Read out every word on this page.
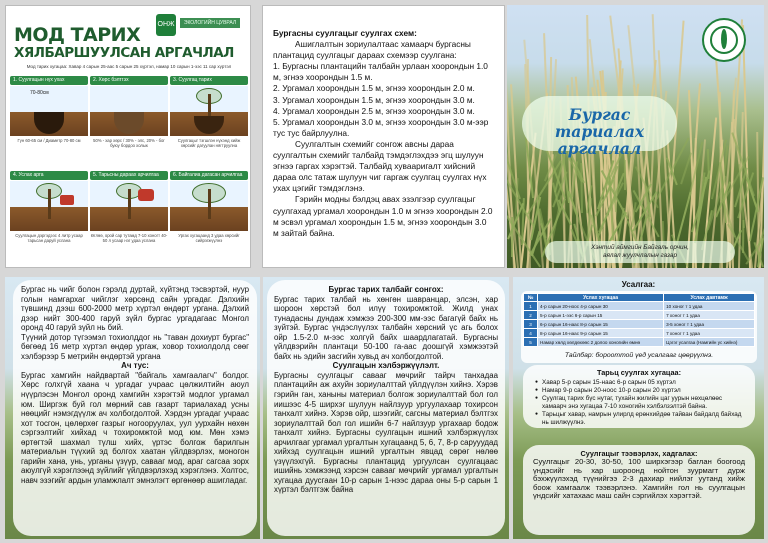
МОД ТАРИХ
ХЯЛБАРШУУЛСАН АРГАЧЛАЛ
ОНЖ	ЭКОЛОГИЙН ЦУВРАЛ
Мод тарих хугацаа: Хавар 4 сарын 25-аас 5 сарын 25 хүртэл, намар 10 сарын 1-ээс 11 сар хүртэл
1. Суулгацын нүх ухах
70-80см
Гүн 60-65 см / Диаметр 70-80 см
2. Хөрс бэлтгэх
50% - хар хөрс / 30% - элс, 20% - бог буюу бордоо хольж
3. Суулгац тарих
Суулгацыг тэгшлэн нүхэнд хийж хөрсийг дагуулан нягтруулна
4. Услах арга
Суулгацын дэргэдээс 4 литр усаар тарьсан даруй услана
5. Тарьсны дараах арчилгаа
Өглөө, орой сар тутамд 7-10 хоногт 40-50 л усаар нэг удаа услана
6. Байгалиа дагасан арчилгаа
Ургах хугацаанд 3 удаа хөрсийг сийрэгжүүлнэ

Бургасны суулгацыг суулгах схем:

Ашиглалтын зориулалтаас хамаарч бургасны плантацид суулгацыг дараах схемээр суулгана:

1. Бургасны плантацийн талбайн урлаан хоорондын 1.0 м, эгнээ хоорондын 1.5 м.

2. Ургамал хоорондын 1.5 м, эгнээ хоорондын 2.0 м.

3. Ургамал хоорондын 1.5 м, эгнээ хоорондын 3.0 м.

4. Ургамал хоорондын 2.5 м, эгнээ хоорондын 3.0 м.

5. Ургамал хоорондын 3.0 м, эгнээ хоорондын 3.0 м-ээр тус тус байрлуулна.

Суулгалтын схемийг сонгож авсны дараа суулгалтын схемийг талбайд тэмдэглэхдээ эгц шулуун эгнээ гаргах хэрэгтэй. Талбайд хувааригалт хийсний дараа олс татаж шулуун чиг гаргаж суулгац суулгах нүх ухах цэгийг тэмдэглэнэ.

Гэрийн модны бэлдэц авах эзэлгээр суулгацыг суулгахад ургамал хоорондын 1.0 м эгнээ хоорондын 2.0 м эсвэл ургамал хоорондын 1.5 м, эгнээ хоорондын 3.0 м зайтай байна.

Бургас тариалах
аргачлал
Хэнтий аймгийн Байгаль орчин,
аялал жуулчлалын газар

Бургас нь чийг болон гэрэлд дуртай, хүйтэнд тэсвэртэй, нуур голын намгархаг чийглэг хөрсөнд сайн ургадаг. Дэлхийн түвшинд дээш 600-2000 метр хүртэл өндөрт ургана. Дэлхий дээр нийт 300-400 гаруй зүйл бургас ургадагаас Монгол оронд 40 гаруй зүйл нь бий.

Түүний дотор түгээмэл тохиолддог нь "таван дохиурт бургас" бөгөөд 16 метр хүртэл өндөр ургаж, ховор тохиолдолд сөөг хэлбэрээр 5 метрийн өндөртэй ургана

Ач тус:

Бургас хамгийн найдвартай "байгаль хамгаалагч" болдог. Хөрс голхгүй хаана ч ургадаг учраас цөлжилтийн аюул нүүрлэсэн Монгол оронд хамгийн хэрэгтэй модлог ургамал юм. Ширгэж буй гол мөрний сав газарт тариалахад усны нөөцийг нэмэгдүүлж ач холбогдолтой. Хэрдэн ургадаг учраас хот тосгон, цөлөрхөг газрыг ногооруулах, уул уурхайн нөхөн сэргээлтийг хийхад ч тохиромжтой мод юм. Мөн хэмэ өртөгтэй шахмал түлш хийх, үртэс болгож барилгын материалын түүхий эд болгох хаатан үйлдвэрлэх, моногон гарийн хана, унь, урганы үзүүр, савааг мод, араг сагсаа зорх аюулгүй хэрэглээнд зүйлийг үйлдвэрлэхэд хэрэглэнэ. Холтос, навч эзэгийг ардын уламжлалт эмнэлэгт өргөнөөр ашигладаг.

Бургас тарих талбайг сонгох:

Бургас тарих талбай нь хөнгөн шавранцар, элсэн, хар шороон хөрстэй бол илүү тохиромжтой. Жилд унах тунадасны дундаж хэмжээ 200-300 мм-ээс багагүй байх нь зүйтэй. Бургас үндэслүүлэх талбайн хөрсний үс агь болох ойр 1.5-2.0 м-ээс холгүй байх шаардлагатай. Бургасны үйлдвэрийн плантаци 50-100 га-аас доошгүй хэмжээтэй байх нь эдийн засгийн хувьд ач холбогдолтой.

Суулгацын хэлбэржүүлэлт.

Бургасны суулгацыг савааг мөчрийг тайрч танхадаа плантацийн аж ахуйн зориулалттай үйлдүүлэн хийнэ. Хэрэв гэрийн ган, ханыны материал болгож зориулалттай бол гол иишээс 4-5 ширхэг шулуун найлзуур ургуулахаар тохирсон танхалт хийнэ. Хэрэв ойр, шээгийг, сагсны материал бэлтгэх зориулалттай бол гол ишийн 6-7 найлзуур ургахаар бодож танхалт хийнэ. Бургасны суулгацын ишний хэлбэржүүлэх арчилгааг ургамал ургалтын хугацаанд 5, 6, 7, 8-р сарууудад хийхэд суулгацын ишний ургалтын явцад сөрөг нөлөө үзүүлэхгүй. Бургасны плантацид ургуулсан суулгацаас ишийнь хэмжээнд хэрсэн савааг мөчрийг ургамал ургалтын хугацаа дуусгаан 10-р сарын 1-нээс дараа оны 5-р сарын 1 хүртэл бэлтгэж байна

Усалгаа:
№	Услах хугацаа	Услах давтамж
1	4-р сарын 20-ноос 4-р сарын 30	10 хоног т 1 удаа
2	5-р сарын 1-ээс 6-р сарын 15	7 хоног т 1 удаа
3	6-р сарын 16-наас 8-р сарын 15	3-5 хоног т 1 удаа
4	8-р сарын 16-наас 9-р сарын 15	7 хоног т 1 удаа
5	Намар хөлд хөлдөхөөс 2 долоо хоногийн өмнө	Цэгэг усалгаа (Намгийн ус хийнэ)
Тайлбар: борооттой үед усалгааг цөөрүүлнэ.
Тарьц суулгах хугацаа:
● Хавар 5-р сарын 15-наас 6-р сарын 05 хүртэл
● Намар 9-р сарын 20-ноос 10-р сарын 20 хүртэл
● Суулгац тарих бүс нутаг, тухайн жилийн цаг уурын нөхцөлөөс хамаарч энэ хугацаа 7-10 хоногийн хэлбэлзэлтэй байна.
● Тарьцыг хавар, намрын улирлд ерөнхийдөө тайван байдалд байхад нь шилжүүлнэ.
Суулгацыг тээвэрлэх, хадгалах:

Суулгацыг 20-30, 30-50, 100 ширхэгээр баглан боогоод үндэсийг нь хар шороонд нойтон зуурмагт дурж бэхжүүлэхэд түүнийгээ 2-3 дахиар нийлэг уутанд хийж боож хамгаалж тээвэрлэнэ. Хамгийн гол нь суулгацын үндсийг хатахааc маш сайн сэргийлэх хэрэгтэй.
